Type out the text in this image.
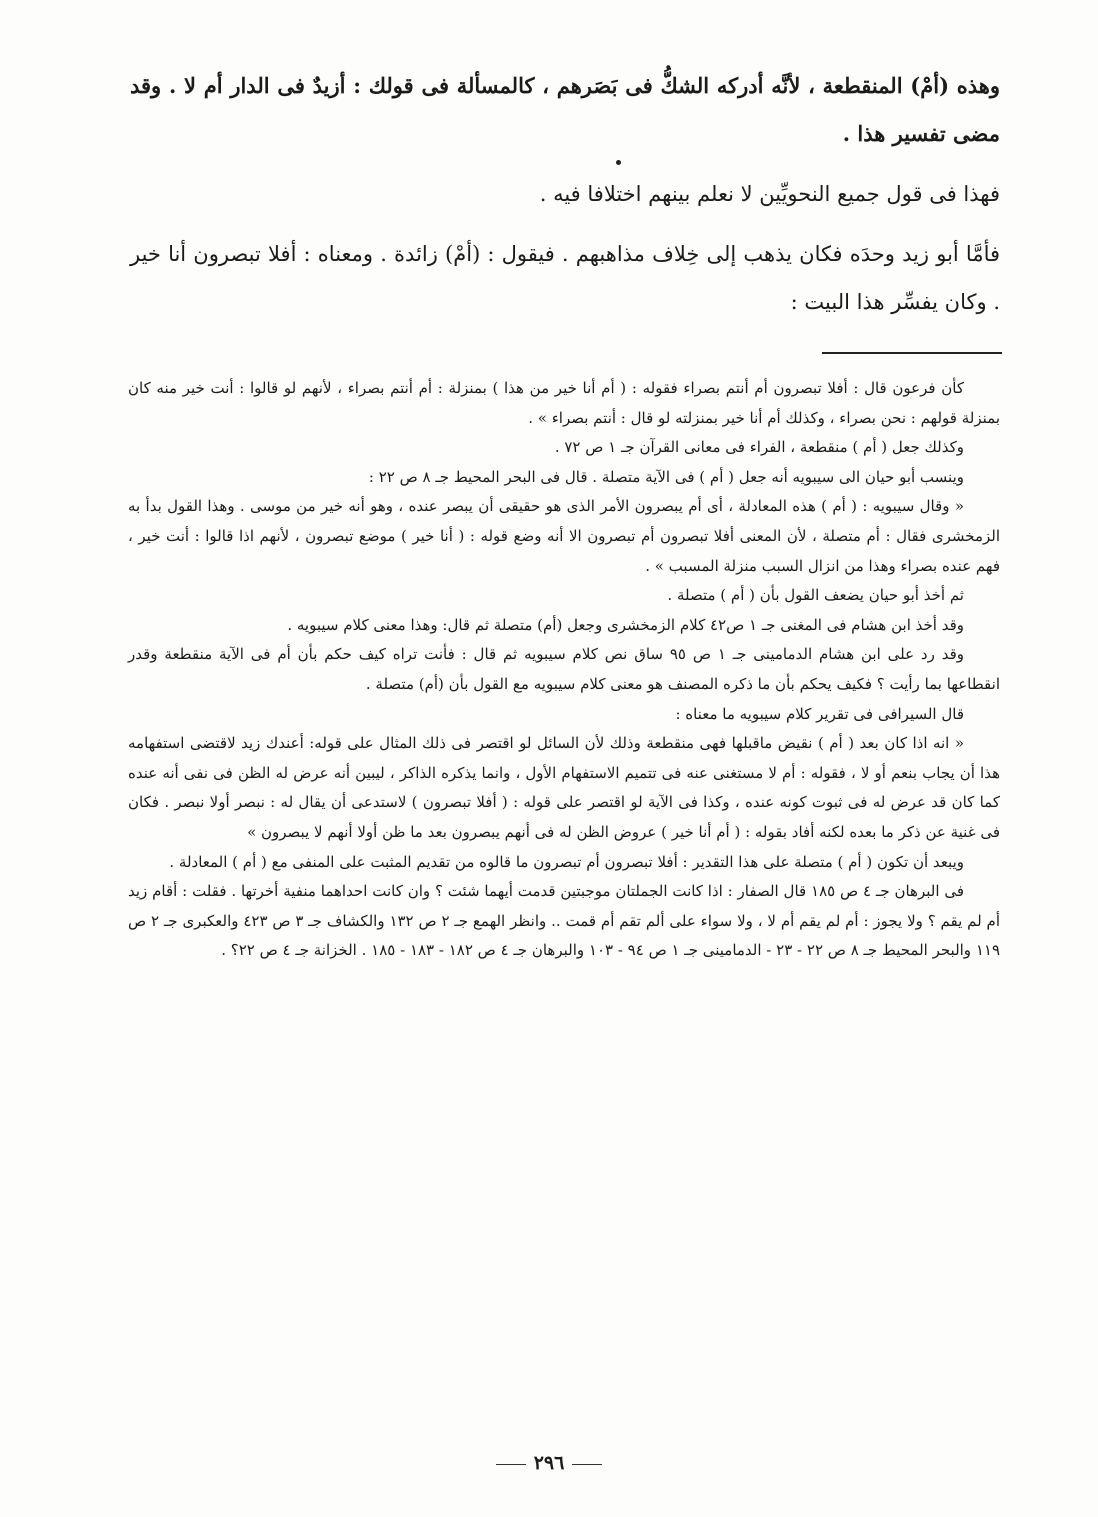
وهذه (أمْ) المنقطعة ، لأنَّه أدركه الشكُّ فى بَصَرهم ، كالمسألة فى قولك : أزيدٌ فى الدار أم لا . وقد مضى تفسير هذا .

فهذا فى قول جميع النحويِّين لا نعلم بينهم اختلافا فيه .

فأمَّا أبو زيد وحدَه فكان يذهب إلى خِلاف مذاهبهم . فيقول : (أمْ) زائدة . ومعناه : أفلا تبصرون أنا خير . وكان يفسِّر هذا البيت :

كأن فرعون قال : أفلا تبصرون أم أنتم بصراء فقوله : ( أم أنا خير من هذا ) بمنزلة : أم أنتم بصراء ، لأنهم لو قالوا : أنت خير منه كان بمنزلة قولهم : نحن بصراء ، وكذلك أم أنا خير بمنزلته لو قال : أنتم بصراء » .

وكذلك جعل ( أم ) منقطعة ، الفراء فى معانى القرآن جـ ١ ص ٧٢ .

وينسب أبو حيان الى سيبويه أنه جعل ( أم ) فى الآية متصلة . قال فى البحر المحيط جـ ٨ ص ٢٢ :

« وقال سيبويه : ( أم ) هذه المعادلة ، أى أم يبصرون الأمر الذى هو حقيقى أن يبصر عنده ، وهو أنه خير من موسى . وهذا القول بدأ به الزمخشرى فقال : أم متصلة ، لأن المعنى أفلا تبصرون أم تبصرون الا أنه وضع قوله : ( أنا خير ) موضع تبصرون ، لأنهم اذا قالوا : أنت خير ، فهم عنده بصراء وهذا من انزال السبب منزلة المسبب » .

ثم أخذ أبو حيان يضعف القول بأن ( أم ) متصلة .

وقد أخذ ابن هشام فى المغنى جـ ١ ص٤٢ كلام الزمخشرى وجعل (أم) متصلة ثم قال: وهذا معنى كلام سيبويه .

وقد رد على ابن هشام الدمامينى جـ ١ ص ٩٥ ساق نص كلام سيبويه ثم قال : فأنت تراه كيف حكم بأن أم فى الآية منقطعة وقدر انقطاعها بما رأيت ؟ فكيف يحكم بأن ما ذكره المصنف هو معنى كلام سيبويه مع القول بأن (أم) متصلة .

قال السيرافى فى تقرير كلام سيبويه ما معناه :

« انه اذا كان بعد ( أم ) نقيض ماقبلها فهى منقطعة وذلك لأن السائل لو اقتصر فى ذلك المثال على قوله: أعندك زيد لاقتضى استفهامه هذا أن يجاب بنعم أو لا ، فقوله : أم لا مستغنى عنه فى تتميم الاستفهام الأول ، وانما يذكره الذاكر ، ليبين أنه عرض له الظن فى نفى أنه عنده كما كان قد عرض له فى ثبوت كونه عنده ، وكذا فى الآية لو اقتصر على قوله : ( أفلا تبصرون ) لاستدعى أن يقال له : نبصر أولا نبصر . فكان فى غنية عن ذكر ما بعده لكنه أفاد بقوله : ( أم أنا خير ) عروض الظن له فى أنهم يبصرون بعد ما ظن أولا أنهم لا يبصرون »

ويبعد أن تكون ( أم ) متصلة على هذا التقدير : أفلا تبصرون أم تبصرون ما قالوه من تقديم المثبت على المنفى مع ( أم ) المعادلة .

فى البرهان جـ ٤ ص ١٨٥ قال الصفار : اذا كانت الجملتان موجبتين قدمت أيهما شئت ؟ وان كانت احداهما منفية أخرتها . فقلت : أقام زيد أم لم يقم ؟ ولا يجوز : أم لم يقم أم لا ، ولا سواء على ألم تقم أم قمت .. وانظر الهمع جـ ٢ ص ١٣٢ والكشاف جـ ٣ ص ٤٢٣ والعكبرى جـ ٢ ص ١١٩ والبحر المحيط جـ ٨ ص ٢٢ - ٢٣ - الدمامينى جـ ١ ص ٩٤ - ١٠٣ والبرهان جـ ٤ ص ١٨٢ - ١٨٣ - ١٨٥ . الخزانة جـ ٤ ص ٢٢؟ .

٢٩٦
